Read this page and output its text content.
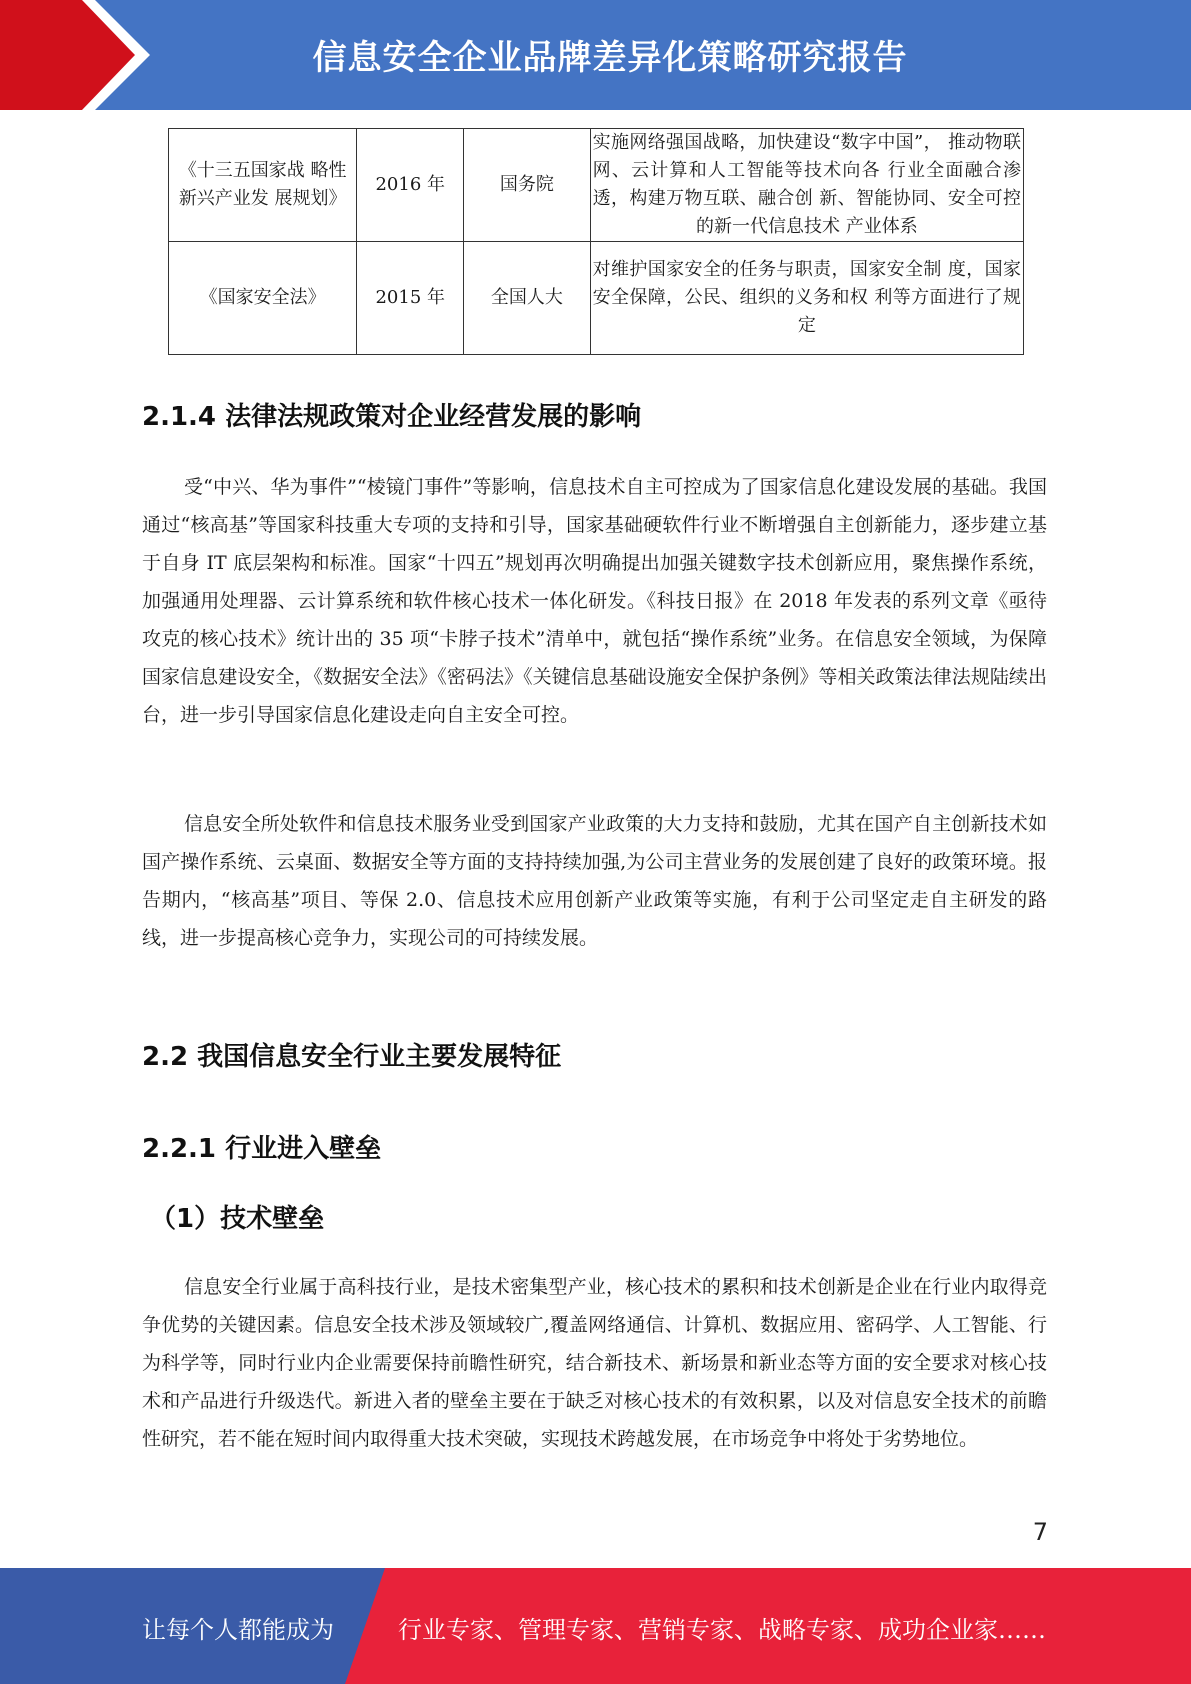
信息安全企业品牌差异化策略研究报告
《十三五国家战 略性新兴产业发 展规划》	2016 年	国务院	实施网络强国战略，加快建设“数字中国”， 推动物联网、云计算和人工智能等技术向各 行业全面融合渗透，构建万物互联、融合创 新、智能协同、安全可控的新一代信息技术 产业体系
《国家安全法》	2015 年	全国人大	对维护国家安全的任务与职责，国家安全制 度，国家安全保障，公民、组织的义务和权 利等方面进行了规定
2.1.4 法律法规政策对企业经营发展的影响

受“中兴、华为事件”“棱镜门事件”等影响，信息技术自主可控成为了国家信息化建设发展的基础。我国通过“核高基”等国家科技重大专项的支持和引导，国家基础硬软件行业不断增强自主创新能力，逐步建立基于自身 IT 底层架构和标准。国家“十四五”规划再次明确提出加强关键数字技术创新应用，聚焦操作系统，加强通用处理器、云计算系统和软件核心技术一体化研发。《科技日报》在 2018 年发表的系列文章《亟待攻克的核心技术》统计出的 35 项“卡脖子技术”清单中，就包括“操作系统”业务。在信息安全领域，为保障国家信息建设安全，《数据安全法》《密码法》《关键信息基础设施安全保护条例》等相关政策法律法规陆续出台，进一步引导国家信息化建设走向自主安全可控。

信息安全所处软件和信息技术服务业受到国家产业政策的大力支持和鼓励，尤其在国产自主创新技术如国产操作系统、云桌面、数据安全等方面的支持持续加强,为公司主营业务的发展创建了良好的政策环境。报告期内，“核高基”项目、等保 2.0、信息技术应用创新产业政策等实施，有利于公司坚定走自主研发的路线，进一步提高核心竞争力，实现公司的可持续发展。

2.2 我国信息安全行业主要发展特征
2.2.1 行业进入壁垒
（1）技术壁垒

信息安全行业属于高科技行业，是技术密集型产业，核心技术的累积和技术创新是企业在行业内取得竞争优势的关键因素。信息安全技术涉及领域较广,覆盖网络通信、计算机、数据应用、密码学、人工智能、行为科学等，同时行业内企业需要保持前瞻性研究，结合新技术、新场景和新业态等方面的安全要求对核心技术和产品进行升级迭代。新进入者的壁垒主要在于缺乏对核心技术的有效积累，以及对信息安全技术的前瞻性研究，若不能在短时间内取得重大技术突破，实现技术跨越发展，在市场竞争中将处于劣势地位。

7
让每个人都能成为	行业专家、管理专家、营销专家、战略专家、成功企业家……
